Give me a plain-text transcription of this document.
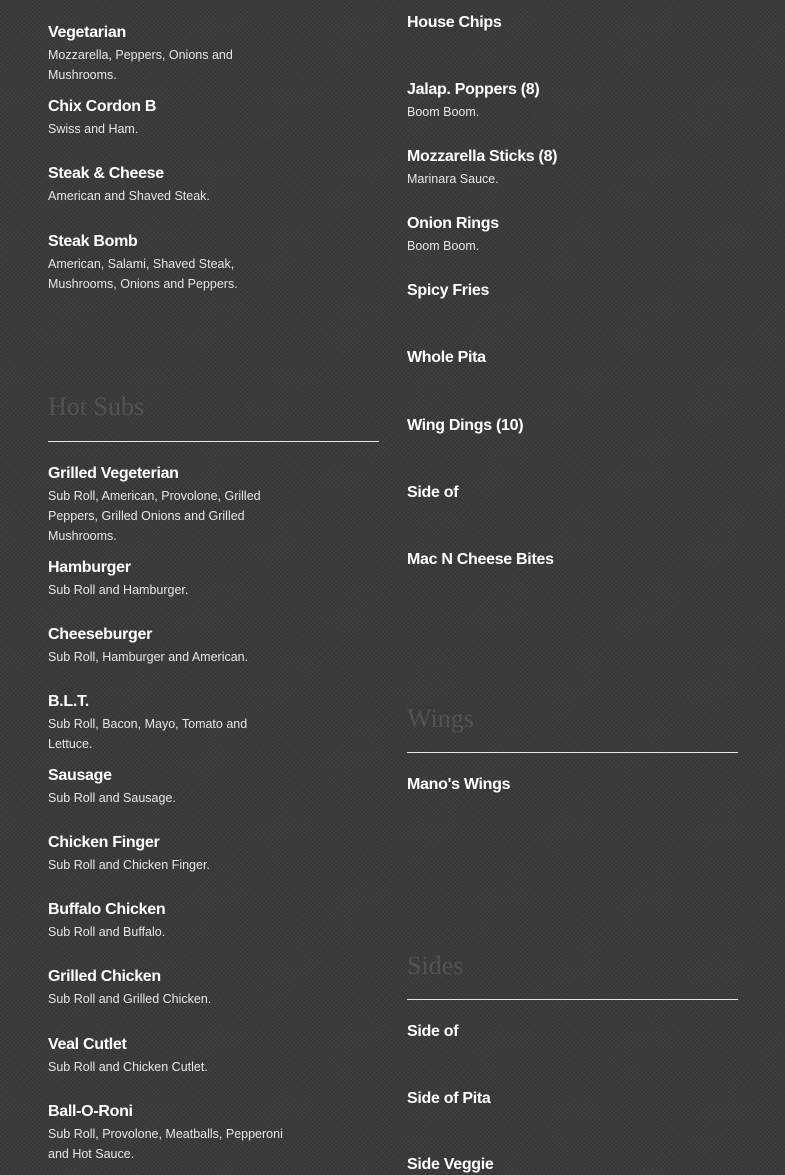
Vegetarian
Mozzarella, Peppers, Onions and Mushrooms.
Chix Cordon B
Swiss and Ham.
Steak & Cheese
American and Shaved Steak.
Steak Bomb
American, Salami, Shaved Steak, Mushrooms, Onions and Peppers.
Hot Subs
Grilled Vegeterian
Sub Roll, American, Provolone, Grilled Peppers, Grilled Onions and Grilled Mushrooms.
Hamburger
Sub Roll and Hamburger.
Cheeseburger
Sub Roll, Hamburger and American.
B.L.T.
Sub Roll, Bacon, Mayo, Tomato and Lettuce.
Sausage
Sub Roll and Sausage.
Chicken Finger
Sub Roll and Chicken Finger.
Buffalo Chicken
Sub Roll and Buffalo.
Grilled Chicken
Sub Roll and Grilled Chicken.
Veal Cutlet
Sub Roll and Chicken Cutlet.
Ball-O-Roni
Sub Roll, Provolone, Meatballs, Pepperoni and Hot Sauce.
House Chips
Jalap. Poppers (8)
Boom Boom.
Mozzarella Sticks (8)
Marinara Sauce.
Onion Rings
Boom Boom.
Spicy Fries
Whole Pita
Wing Dings (10)
Side of
Mac N Cheese Bites
Wings
Mano's Wings
Sides
Side of
Side of Pita
Side Veggie
